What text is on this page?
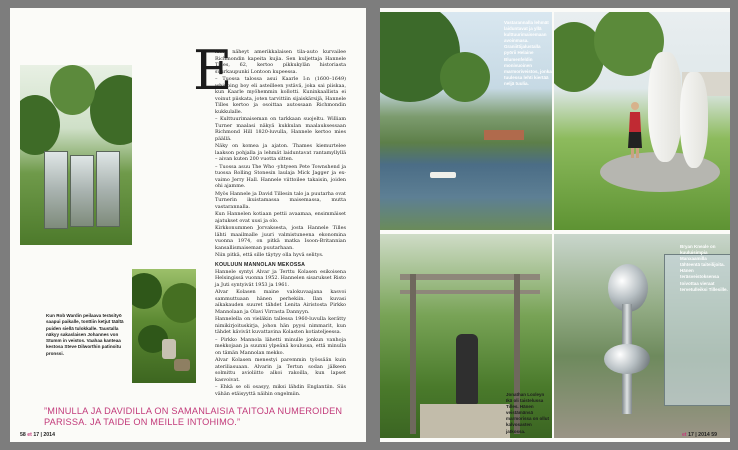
Kun Rob Wardin peilaava teräsityö saapui paikalle, tonttiin ketjut täältä puiden siellä tulokkalle. Taustalla näkyy sakaslaisen Johannes von Stumm in veistos. Vaahaa kanteaa kestosa Steve Dilworthin patinoitu pronssi.
E

lämä näheyt amerikkalaisen tila-auto kurvailee Richmondin kapeita kujia. Sen kuljettaja Hannele Tilles, 62, kertoo pikkukylän historiasta suurkaupunki Lontoon kupeessa.

– Tuossa talossa asui Kaarle I:n (1600–1649) whipping boy eli asteilleen ystävä, joka sai piiskaa, kun Kaarle myöhemmin kollotti. Kuninkaallista ei voinut piiskata, joten tarvittiin sijaiskärsijä, Hannele Tilles kertoo ja osoittaa autossaan Richmondin kukkulalle.

– Kulttuurimaiseman on tarkkaan suojeltu. William Turner maalasi näkyä kukkulan maalauksessaan Richmond Hill 1820-luvulla, Hannele kertoo mies päällä.

Näky on komea ja ajaton. Thames kiemurtelee laakson pohjalla ja lehmät laiduntavat rantamyllyllä – aivan kuten 200 vuotta sitten.

– Tuossa asuu The Who -yhtyeen Pete Townshend ja tuossa Rolling Stonesin laulaja Mick Jagger ja ex-vaimo Jerry Hall. Hannele viittoilee takaisin, joiden ohi ajamme.

Myös Hannele ja David Tillesin talo ja puutarha ovat Turnerin ikuistamassa maisemassa, mutta vastarannalla.

Kun Hannelen kotiaan pettii avaamaa, ensimmäiset ajatukset ovat uusi ja olo.

Kirkkonummen Jorvaksesta, josta Hannele Tilles lähti maailmalle juuri valmistuneena ekonomina vuonna 1974, on pitkä matka Isoon-Britannian kansallismaiseman puutarhaan.

Niin pitkä, että sille täytyy olla hyvä selitys.

KOULUUN MANNOLAN MEKOSSA

Hannele syntyi Alvar ja Terttu Kolasen esikoisena Helsingissä vuonna 1952. Hannelen sisarukset Risto ja Juti syntyivät 1953 ja 1961.

Alvar Kolasen maine valokuvaajana kasvoi sammuttuaan hänen perhekiin. Ilan kuvasi aikakauden suuret tähdet Lenita Airistosta Pirkko Mannolaan ja Olavi Virrasta Dannyyn.

Hannelella on vieläkin tallessa 1960-luvulla kerätty nimikirjoituskirja, johon hän pyysi nimmarit, kun tähdet kävivät kuvattavina Kolasten kotiateljeessa.

– Pirkko Mannola lähetti minulle jonkun vanhoja mekkojaan ja suunni ylpeänä koulussa, että minulla on tämän Mannolan mekko.

Alvar Kolasen menestyi paremmin työssään kuin ateriliasuaan. Alvarin ja Tertun sodan jälkeen solmittu avioliitto alkoi rakoilla, kun lapset kasvoivat.

– Ehkä se oli osasyy, miksi lähdin Englantiin. Siis vähän etäisyyttä näihin ongelmiin.

”MINULLA JA DAVIDILLA ON SAMANLAISIA TAITOJA NUMEROIDEN PARISSA. JA TAIDE ON MEILLE INTOHIMO.”
58 et 17 | 2014
Vastarannalla lehmät laiduntavat ja yllä kulttuurimaisemaan avoinmasa. Graniittijalustalla pyörii Helaine Blumenfeldin monivuoinen marmoriveistos, jonka tuulessa lehti kiertää neljä tuulia.
Jonathan Loxleyn Ikä oli taistelussa Tilles. Hänen veistämänsä marmorissa on ollut kalvosasten jatkossa.
Bryan Kneale on kuuluisimpia Manxaamilla tähteentä taiteilijoita. Hänen teräsveistoksensa toivottaa vieraat tervetulleiksi Tillesille.
et 17 | 2014 59
